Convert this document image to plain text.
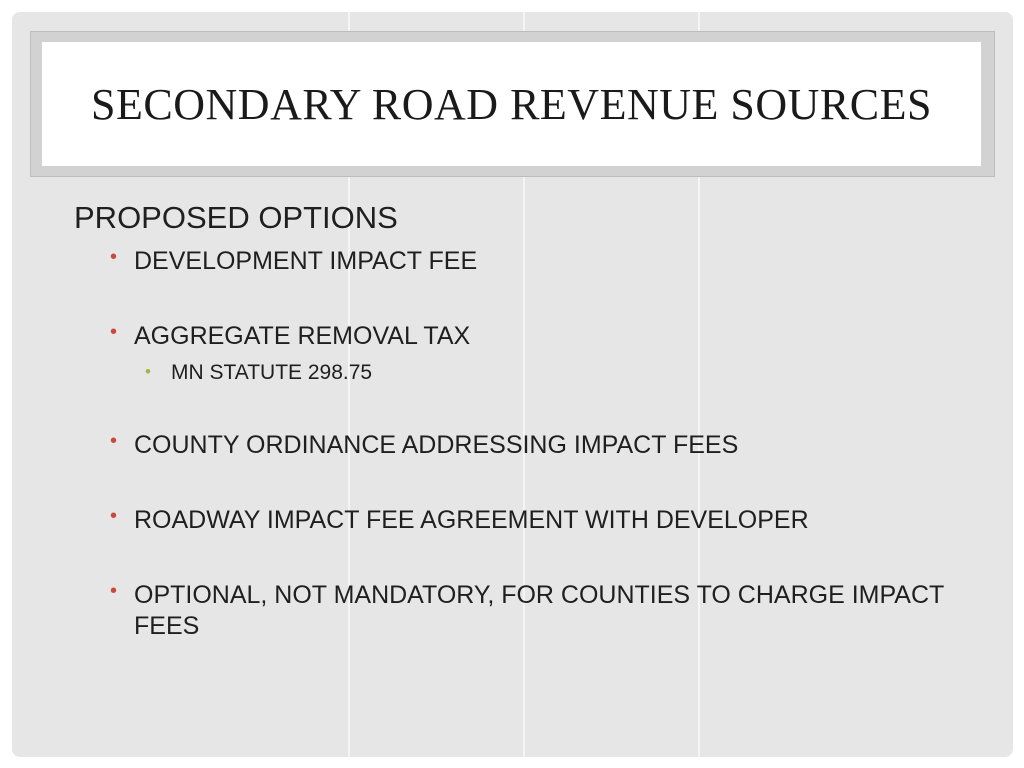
SECONDARY ROAD REVENUE SOURCES
PROPOSED OPTIONS
• DEVELOPMENT IMPACT FEE
• AGGREGATE REMOVAL TAX
• MN STATUTE 298.75
• COUNTY ORDINANCE ADDRESSING IMPACT FEES
• ROADWAY IMPACT FEE AGREEMENT WITH DEVELOPER
• OPTIONAL, NOT MANDATORY, FOR COUNTIES TO CHARGE IMPACT FEES
